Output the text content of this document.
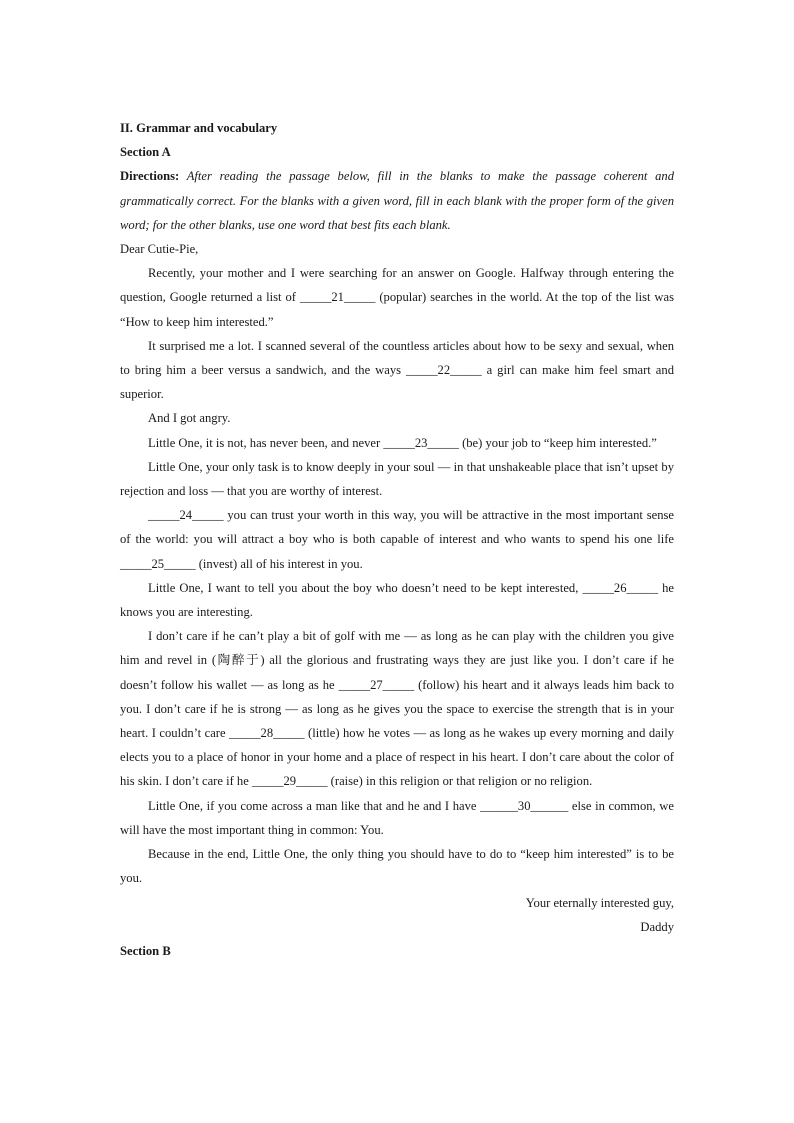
II. Grammar and vocabulary

Section A

Directions: After reading the passage below, fill in the blanks to make the passage coherent and grammatically correct. For the blanks with a given word, fill in each blank with the proper form of the given word; for the other blanks, use one word that best fits each blank.

Dear Cutie-Pie,

Recently, your mother and I were searching for an answer on Google. Halfway through entering the question, Google returned a list of _____21_____ (popular) searches in the world. At the top of the list was “How to keep him interested.”

It surprised me a lot. I scanned several of the countless articles about how to be sexy and sexual, when to bring him a beer versus a sandwich, and the ways _____22_____ a girl can make him feel smart and superior.

And I got angry.

Little One, it is not, has never been, and never _____23_____ (be) your job to “keep him interested.”

Little One, your only task is to know deeply in your soul — in that unshakeable place that isn’t upset by rejection and loss — that you are worthy of interest.

_____24_____ you can trust your worth in this way, you will be attractive in the most important sense of the world: you will attract a boy who is both capable of interest and who wants to spend his one life _____25_____ (invest) all of his interest in you.

Little One, I want to tell you about the boy who doesn’t need to be kept interested, _____26_____ he knows you are interesting.

I don’t care if he can’t play a bit of golf with me — as long as he can play with the children you give him and revel in (陶醉于) all the glorious and frustrating ways they are just like you. I don’t care if he doesn’t follow his wallet — as long as he _____27_____ (follow) his heart and it always leads him back to you. I don’t care if he is strong — as long as he gives you the space to exercise the strength that is in your heart. I couldn’t care _____28_____ (little) how he votes — as long as he wakes up every morning and daily elects you to a place of honor in your home and a place of respect in his heart. I don’t care about the color of his skin. I don’t care if he _____29_____ (raise) in this religion or that religion or no religion.

Little One, if you come across a man like that and he and I have ______30______ else in common, we will have the most important thing in common: You.

Because in the end, Little One, the only thing you should have to do to “keep him interested” is to be you.

Your eternally interested guy,

Daddy

Section B
